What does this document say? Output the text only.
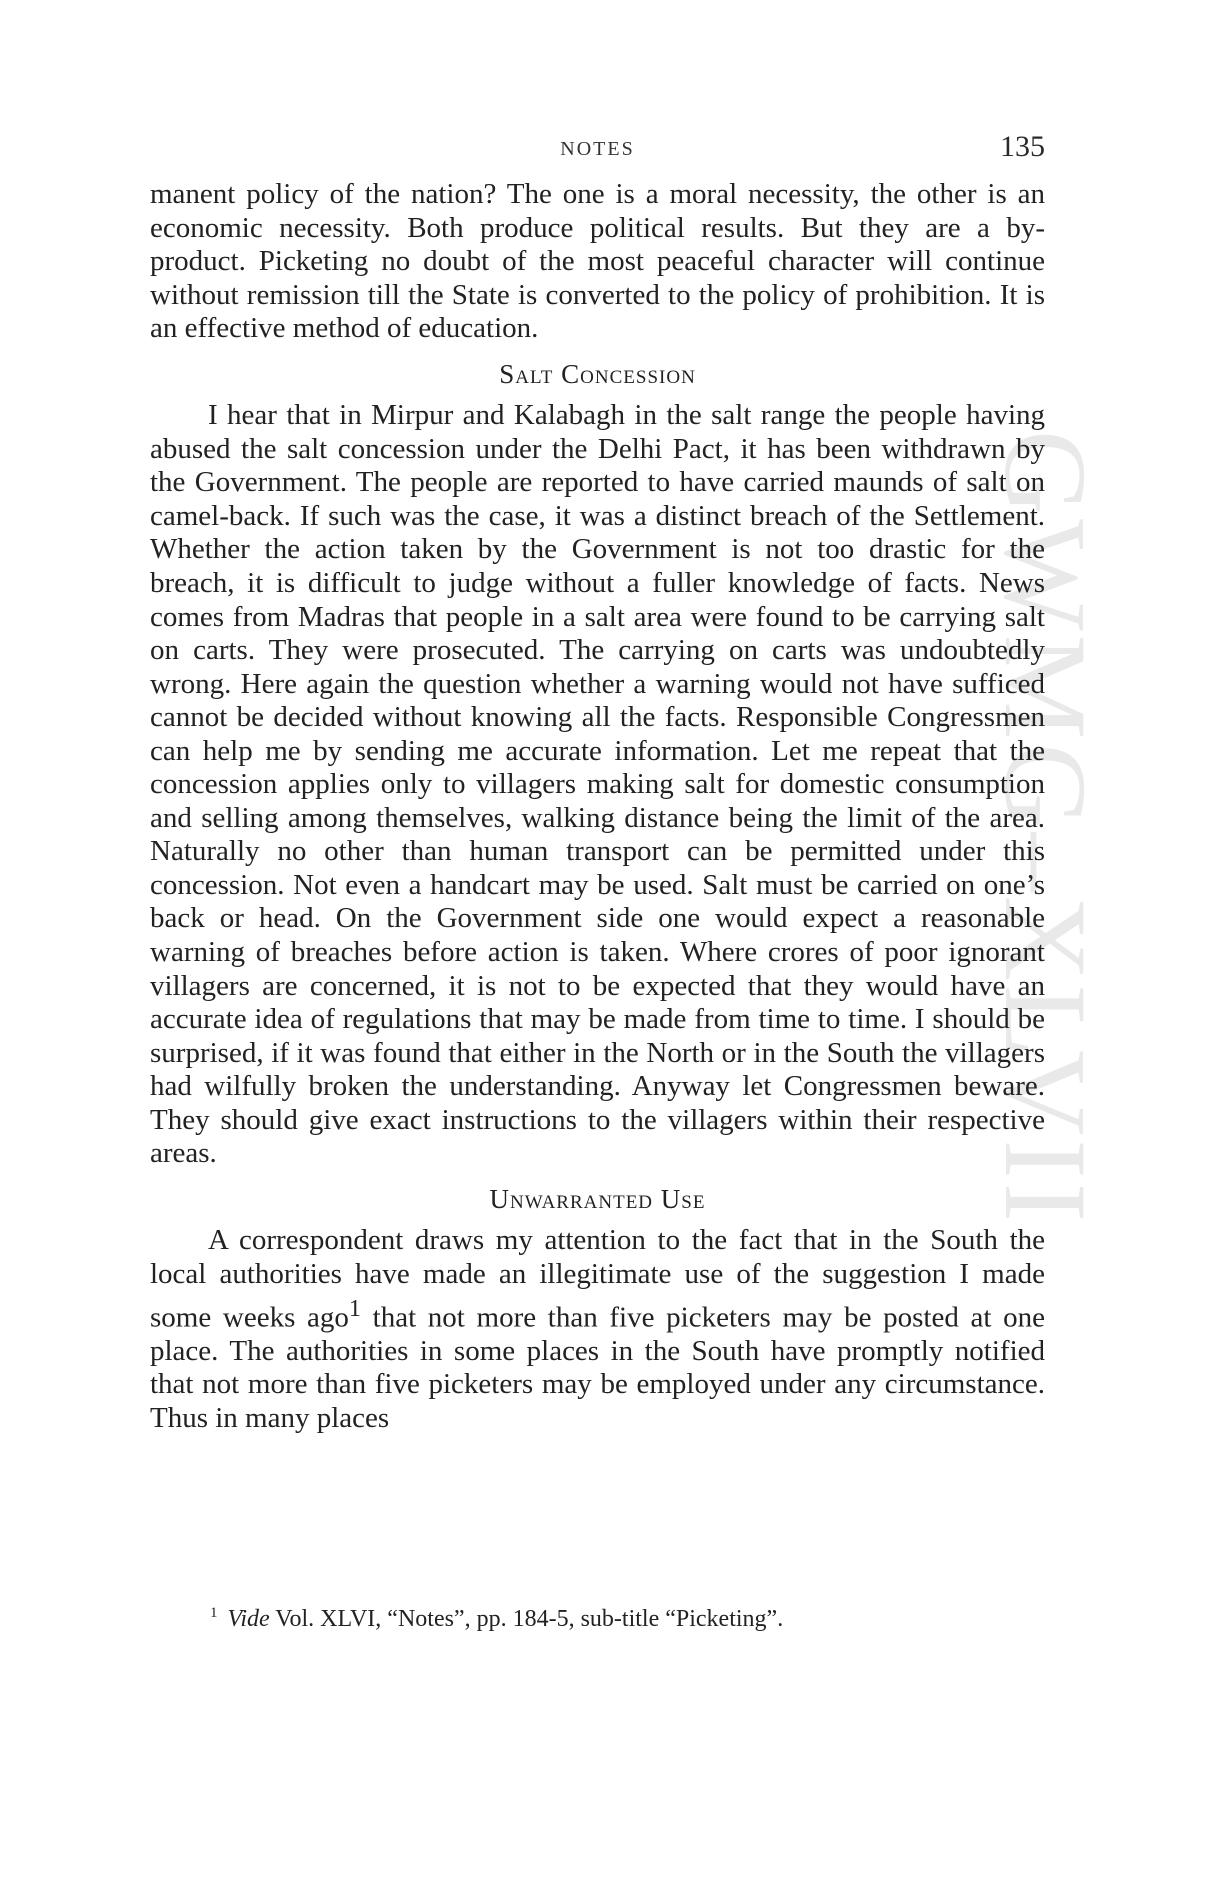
GWMG–XLVII
NOTES	135

manent policy of the nation? The one is a moral necessity, the other is an economic necessity. Both produce political results. But they are a by-product. Picketing no doubt of the most peaceful character will continue without remission till the State is converted to the policy of prohibition. It is an effective method of education.

Salt Concession

I hear that in Mirpur and Kalabagh in the salt range the people having abused the salt concession under the Delhi Pact, it has been withdrawn by the Government. The people are reported to have carried maunds of salt on camel-back. If such was the case, it was a distinct breach of the Settlement. Whether the action taken by the Government is not too drastic for the breach, it is difficult to judge without a fuller knowledge of facts. News comes from Madras that people in a salt area were found to be carrying salt on carts. They were prosecuted. The carrying on carts was undoubtedly wrong. Here again the question whether a warning would not have sufficed cannot be decided without knowing all the facts. Responsible Congressmen can help me by sending me accurate information. Let me repeat that the concession applies only to villagers making salt for domestic consumption and selling among themselves, walking distance being the limit of the area. Naturally no other than human transport can be permitted under this concession. Not even a handcart may be used. Salt must be carried on one’s back or head. On the Government side one would expect a reasonable warning of breaches before action is taken. Where crores of poor ignorant villagers are concerned, it is not to be expected that they would have an accurate idea of regulations that may be made from time to time. I should be surprised, if it was found that either in the North or in the South the villagers had wilfully broken the understanding. Anyway let Congressmen beware. They should give exact instructions to the villagers within their respective areas.

Unwarranted Use

A correspondent draws my attention to the fact that in the South the local authorities have made an illegitimate use of the suggestion I made some weeks ago$^1$ that not more than five picketers may be posted at one place. The authorities in some places in the South have promptly notified that not more than five picketers may be employed under any circumstance. Thus in many places

$^1$ Vide Vol. XLVI, “Notes”, pp. 184-5, sub-title “Picketing”.
